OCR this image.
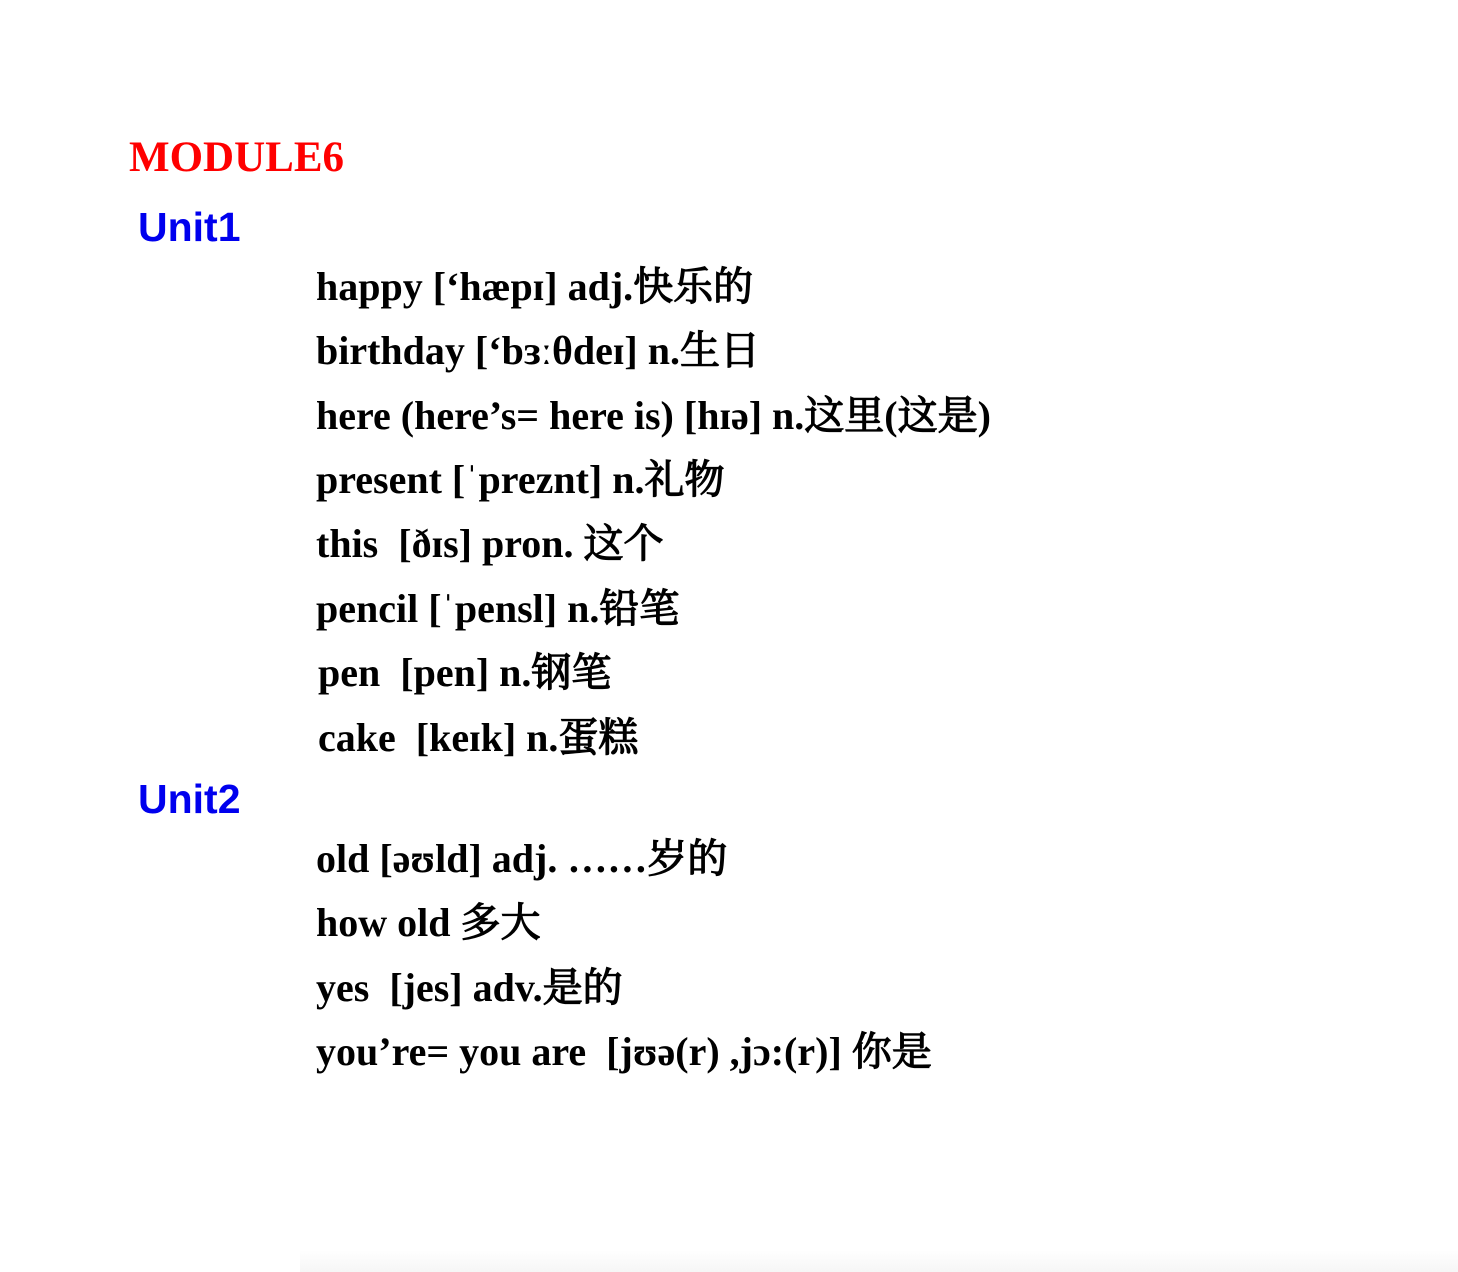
MODULE6
Unit1
happy [‘hæpɪ] adj.快乐的
birthday [‘bɜːθdeɪ] n.生日
here (here’s= here is) [hɪə] n.这里(这是)
present [ˈpreznt] n.礼物
this  [ðɪs] pron. 这个
pencil [ˈpensl] n.铅笔
pen  [pen] n.钢笔
cake  [keɪk] n.蛋糕
Unit2
old [əʊld] adj. ……岁的
how old 多大
yes  [jes] adv.是的
you’re= you are  [jʊə(r) ,jɔ:(r)] 你是
